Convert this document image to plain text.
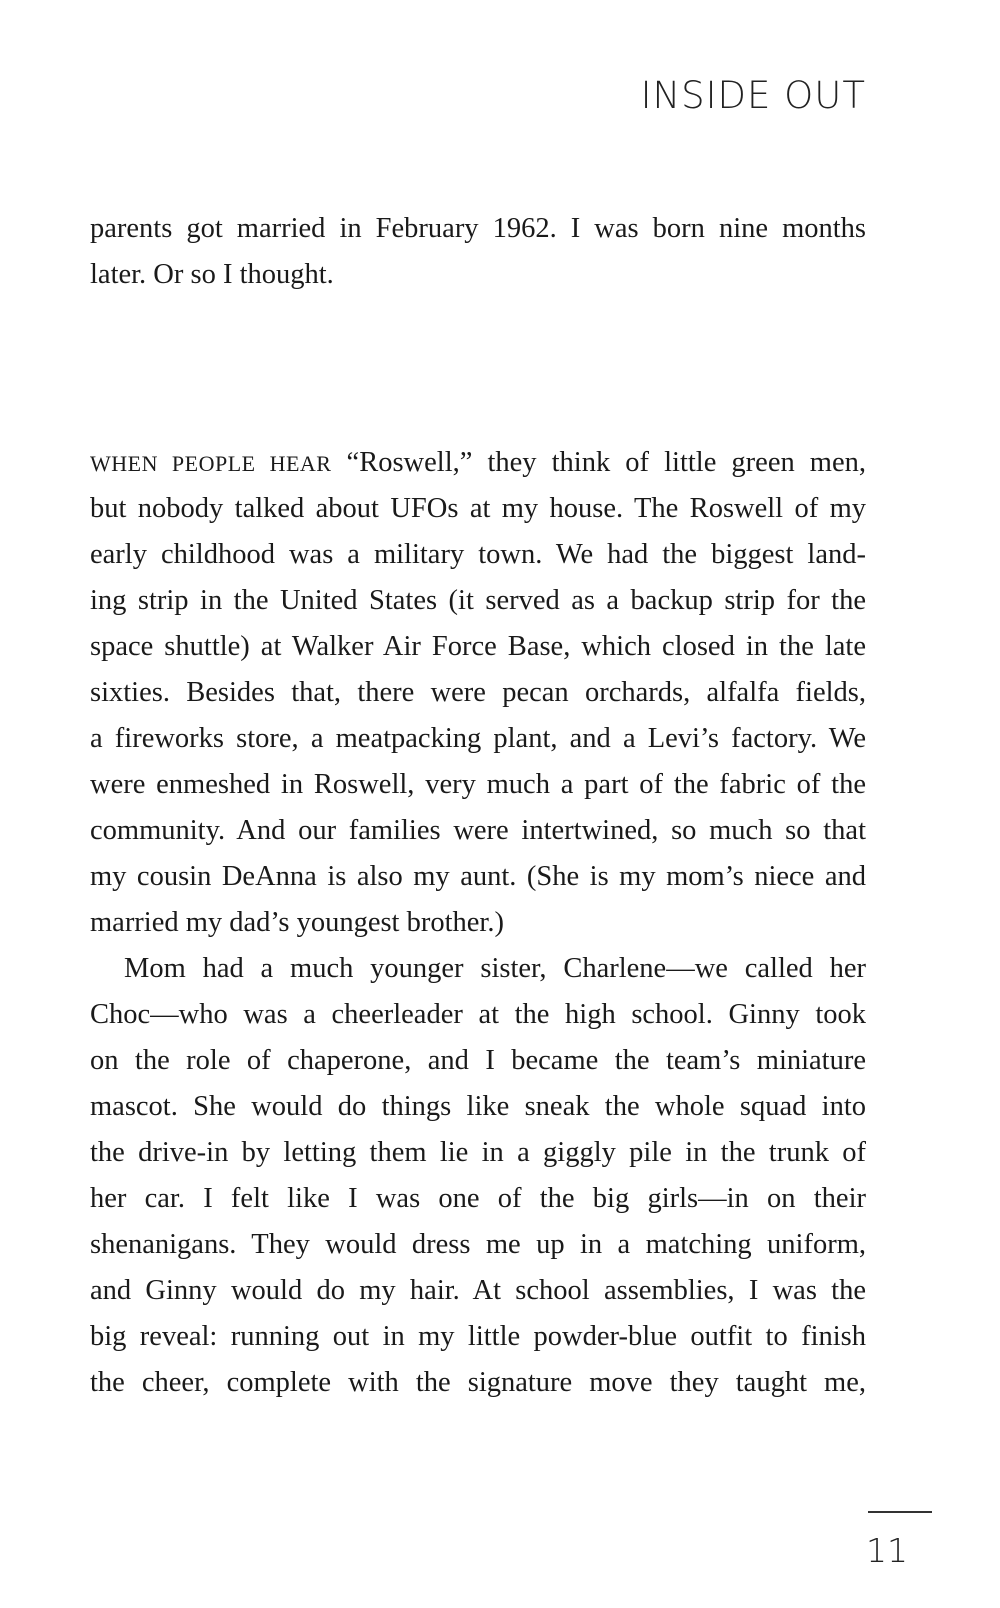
INSIDE OUT

parents got married in February 1962. I was born nine months
later. Or so I thought.

WHEN PEOPLE HEAR “Roswell,” they think of little green men,
but nobody talked about UFOs at my house. The Roswell of my
early childhood was a military town. We had the biggest land-
ing strip in the United States (it served as a backup strip for the
space shuttle) at Walker Air Force Base, which closed in the late
sixties. Besides that, there were pecan orchards, alfalfa fields,
a fireworks store, a meatpacking plant, and a Levi’s factory. We
were enmeshed in Roswell, very much a part of the fabric of the
community. And our families were intertwined, so much so that
my cousin DeAnna is also my aunt. (She is my mom’s niece and
married my dad’s youngest brother.)

Mom had a much younger sister, Charlene—we called her
Choc—who was a cheerleader at the high school. Ginny took
on the role of chaperone, and I became the team’s miniature
mascot. She would do things like sneak the whole squad into
the drive-in by letting them lie in a giggly pile in the trunk of
her car. I felt like I was one of the big girls—in on their
shenanigans. They would dress me up in a matching uniform,
and Ginny would do my hair. At school assemblies, I was the
big reveal: running out in my little powder-blue outfit to finish
the cheer, complete with the signature move they taught me,

11
